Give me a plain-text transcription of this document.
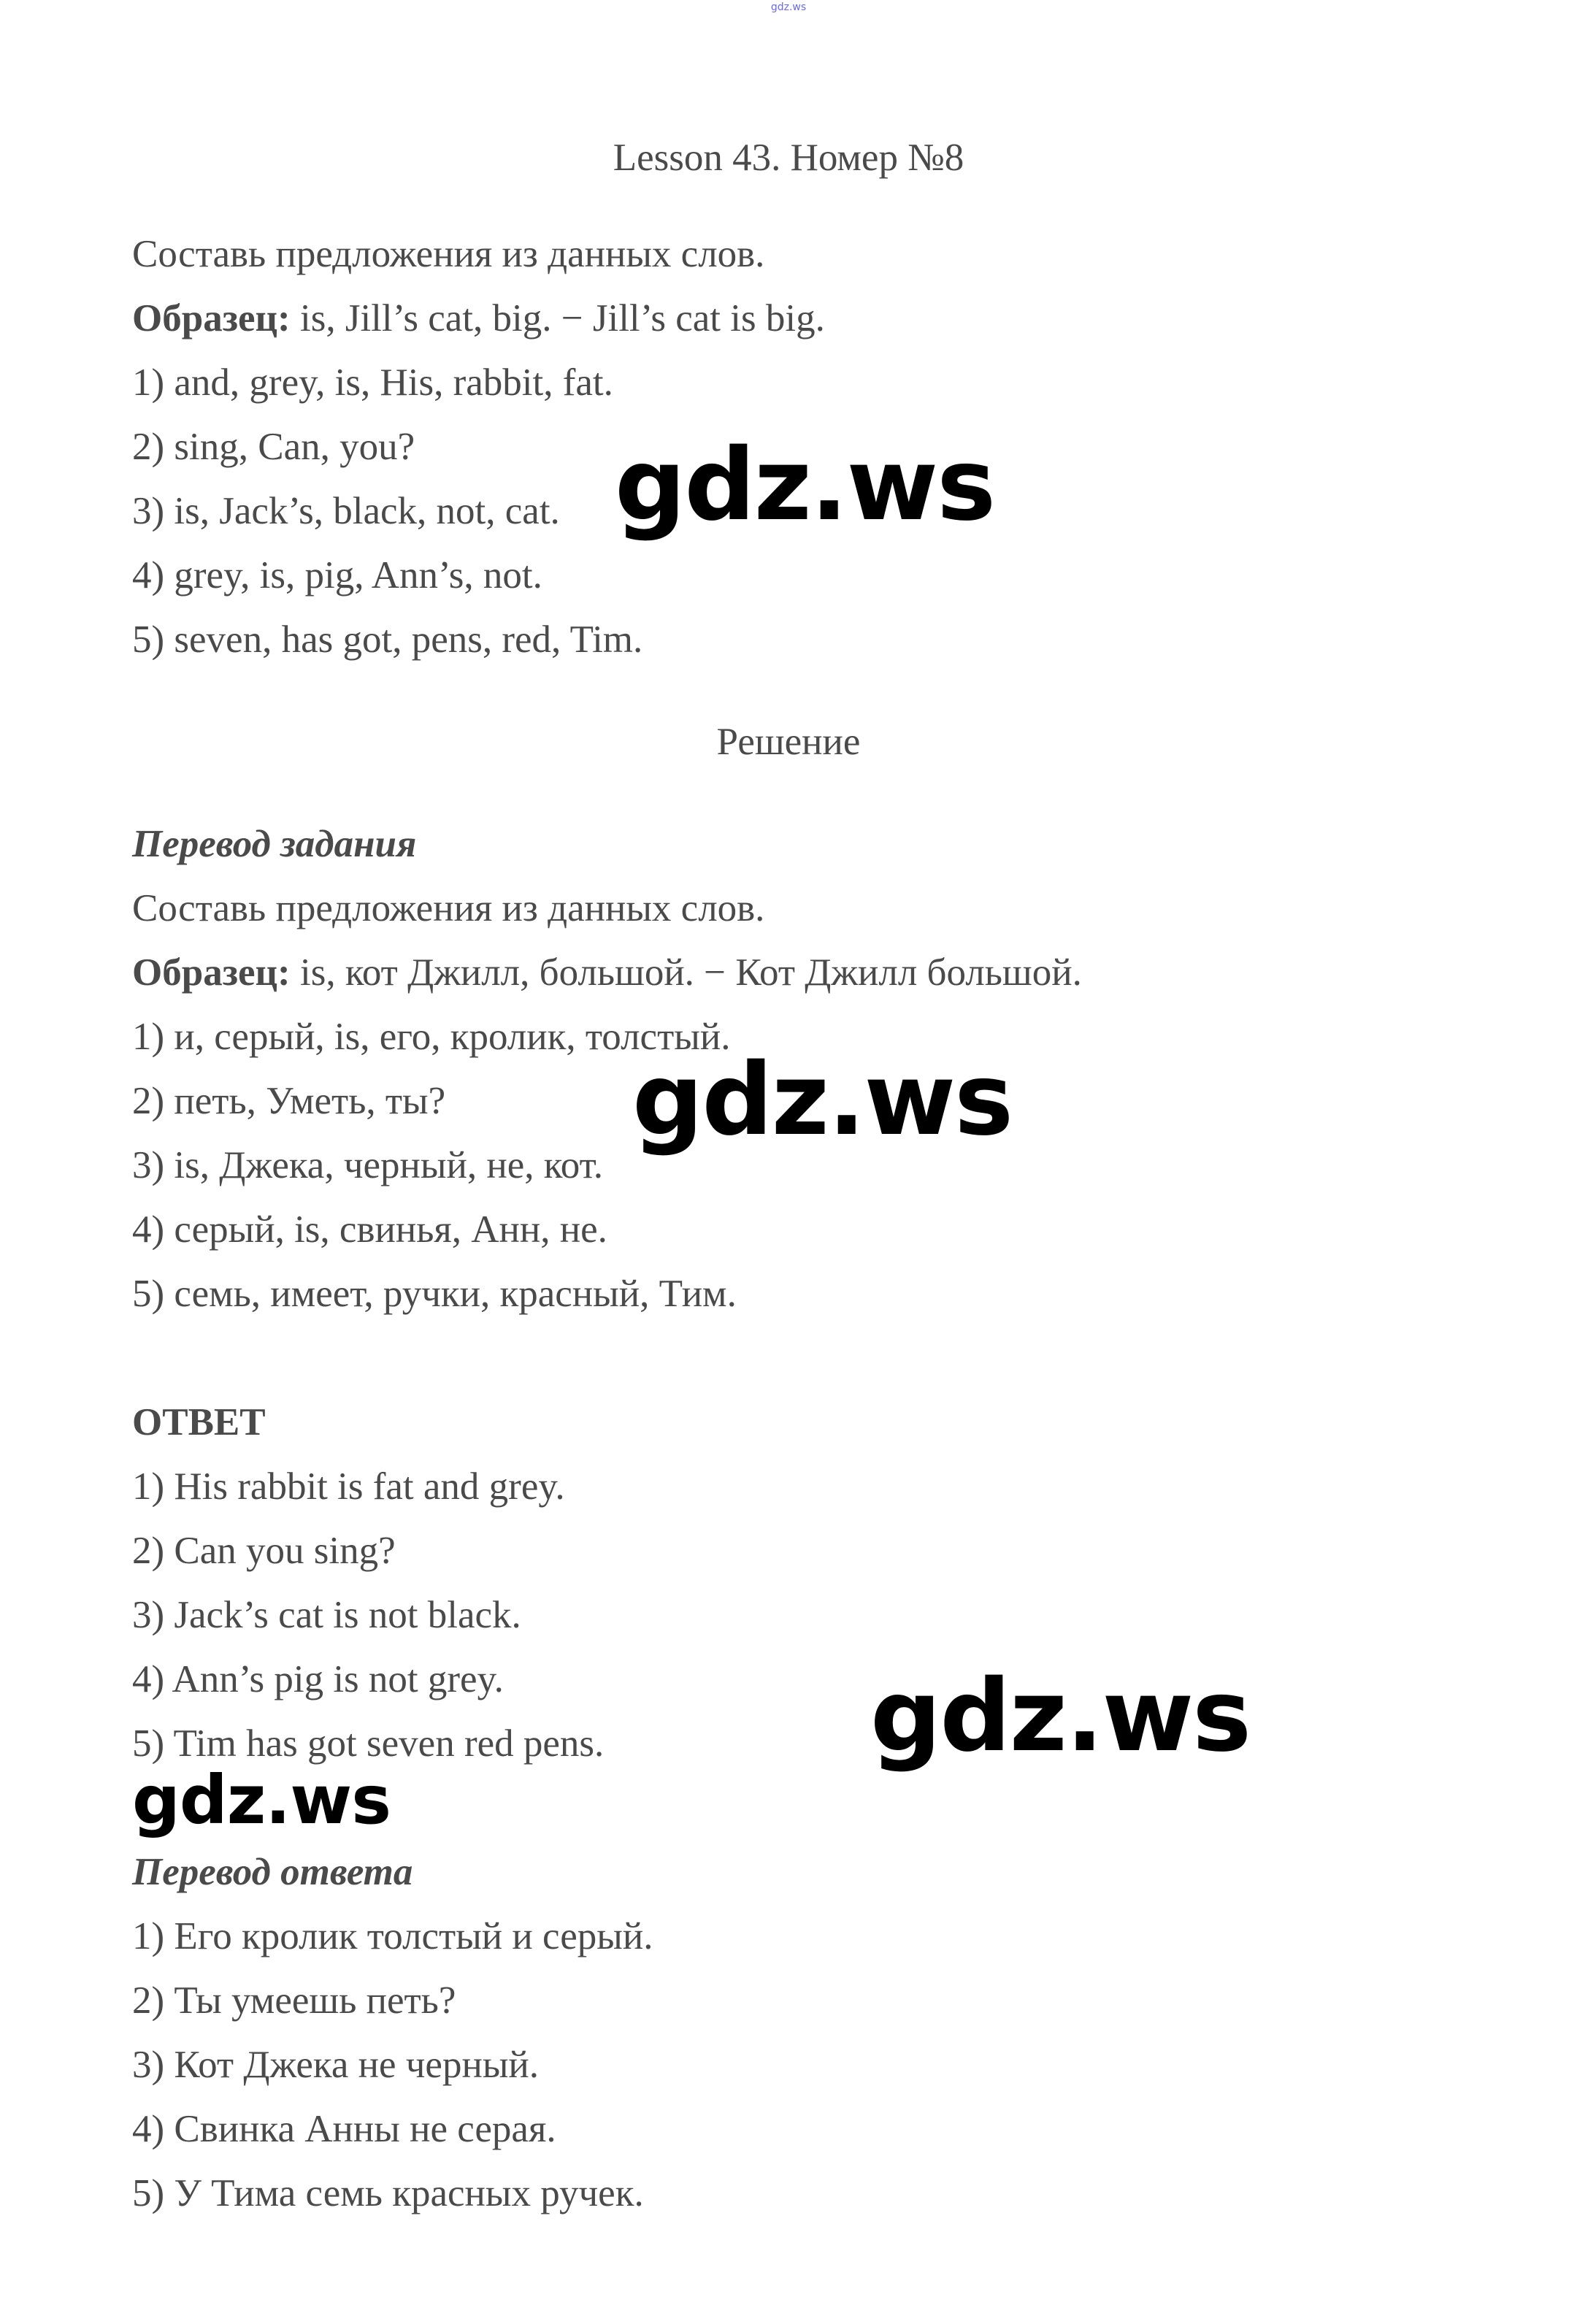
gdz.ws

Lesson 43. Номер №8

Составь предложения из данных слов.

Образец: is, Jill’s cat, big. − Jill’s cat is big.

1) and, grey, is, His, rabbit, fat.

2) sing, Can, you?

3) is, Jack’s, black, not, cat.

4) grey, is, pig, Ann’s, not.

5) seven, has got, pens, red, Tim.

Решение

Перевод задания

Составь предложения из данных слов.

Образец: is, кот Джилл, большой. − Кот Джилл большой.

1) и, серый, is, его, кролик, толстый.

2) петь, Уметь, ты?

3) is, Джека, черный, не, кот.

4) серый, is, свинья, Анн, не.

5) семь, имеет, ручки, красный, Тим.

ОТВЕТ

1) His rabbit is fat and grey.

2) Can you sing?

3) Jack’s cat is not black.

4) Ann’s pig is not grey.

5) Tim has got seven red pens.

Перевод ответа

1) Его кролик толстый и серый.

2) Ты умеешь петь?

3) Кот Джека не черный.

4) Свинка Анны не серая.

5) У Тима семь красных ручек.

gdz.ws
gdz.ws
gdz.ws
gdz.ws
